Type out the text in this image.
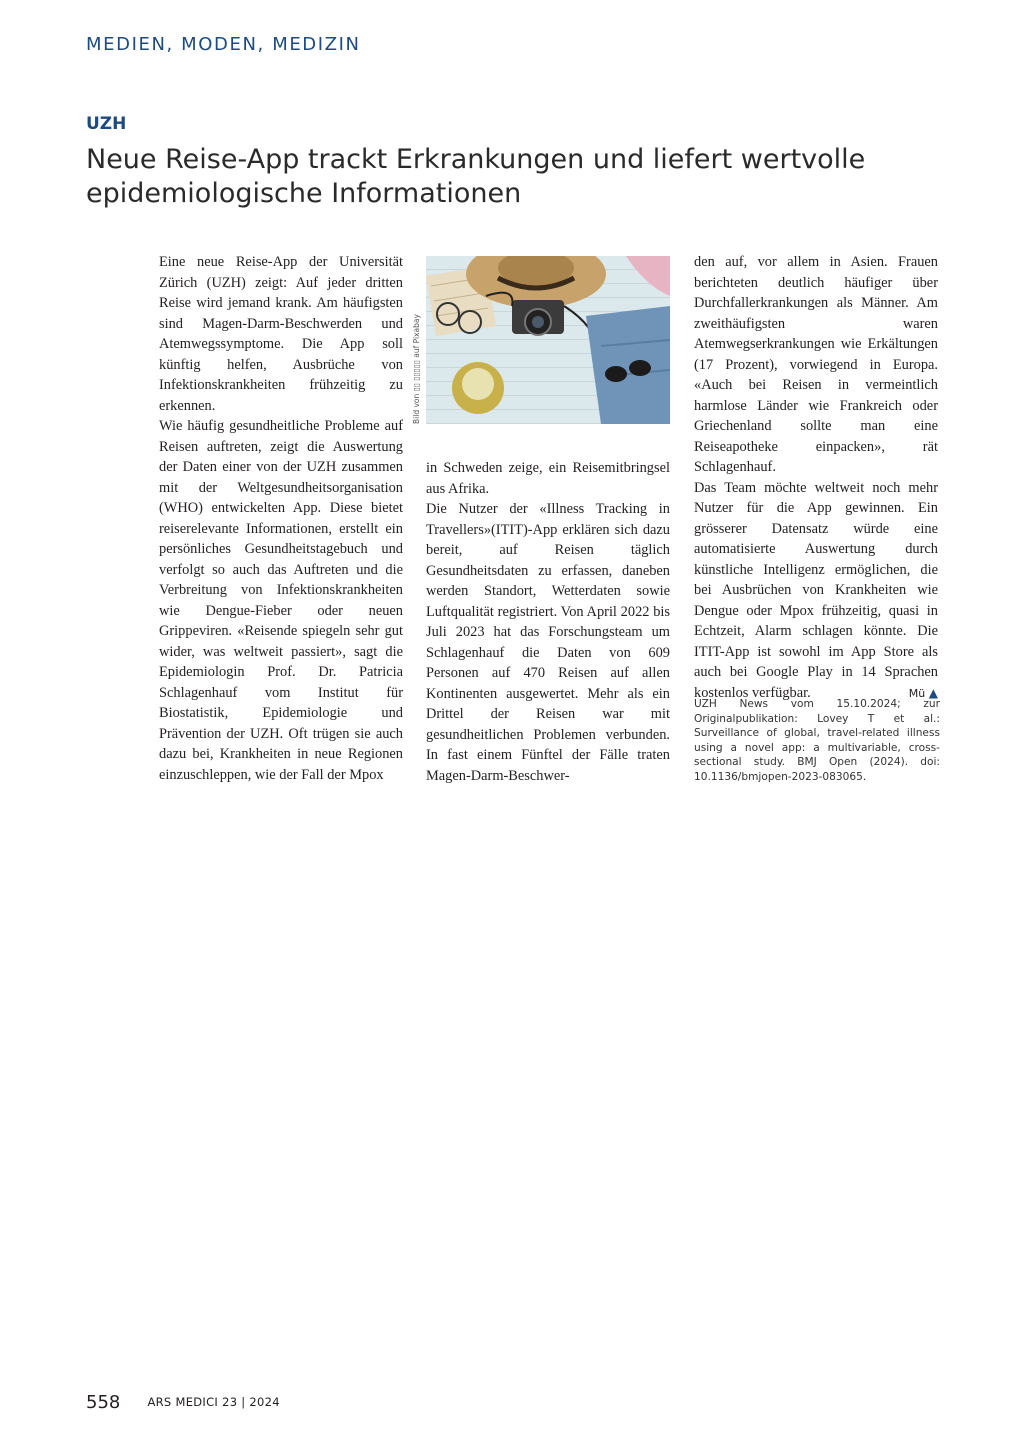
MEDIEN, MODEN, MEDIZIN
UZH
Neue Reise-App trackt Erkrankungen und liefert wertvolle epidemiologische Informationen

Eine neue Reise-App der Universität Zürich (UZH) zeigt: Auf jeder dritten Reise wird jemand krank. Am häufigsten sind Magen-Darm-Beschwerden und Atemwegssymptome. Die App soll künftig helfen, Ausbrüche von Infektionskrankheiten frühzeitig zu erkennen.

Wie häufig gesundheitliche Probleme auf Reisen auftreten, zeigt die Auswertung der Daten einer von der UZH zusammen mit der Weltgesundheitsorganisation (WHO) entwickelten App. Diese bietet reiserelevante Informationen, erstellt ein persönliches Gesundheitstagebuch und verfolgt so auch das Auftreten und die Verbreitung von Infektionskrankheiten wie Dengue-Fieber oder neuen Grippeviren. «Reisende spiegeln sehr gut wider, was weltweit passiert», sagt die Epidemiologin Prof. Dr. Patricia Schlagenhauf vom Institut für Biostatistik, Epidemiologie und Prävention der UZH. Oft trügen sie auch dazu bei, Krankheiten in neue Regionen einzuschleppen, wie der Fall der Mpox

Bild von ▯▯ ▯▯▯▯▯ auf Pixabay

in Schweden zeige, ein Reisemitbringsel aus Afrika.

Die Nutzer der «Illness Tracking in Travellers»(ITIT)-App erklären sich dazu bereit, auf Reisen täglich Gesundheitsdaten zu erfassen, daneben werden Standort, Wetterdaten sowie Luftqualität registriert. Von April 2022 bis Juli 2023 hat das Forschungsteam um Schlagenhauf die Daten von 609 Personen auf 470 Reisen auf allen Kontinenten ausgewertet. Mehr als ein Drittel der Reisen war mit gesundheitlichen Problemen verbunden. In fast einem Fünftel der Fälle traten Magen-Darm-Beschwer-

den auf, vor allem in Asien. Frauen berichteten deutlich häufiger über Durchfallerkrankungen als Männer. Am zweithäufigsten waren Atemwegserkrankungen wie Erkältungen (17 Prozent), vorwiegend in Europa. «Auch bei Reisen in vermeintlich harmlose Länder wie Frankreich oder Griechenland sollte man eine Reiseapotheke einpacken», rät Schlagenhauf.

Das Team möchte weltweit noch mehr Nutzer für die App gewinnen. Ein grösserer Datensatz würde eine automatisierte Auswertung durch künstliche Intelligenz ermöglichen, die bei Ausbrüchen von Krankheiten wie Dengue oder Mpox frühzeitig, quasi in Echtzeit, Alarm schlagen könnte. Die ITIT-App ist sowohl im App Store als auch bei Google Play in 14 Sprachen kostenlos verfügbar.	Mü ▲
UZH News vom 15.10.2024; zur Originalpublikation: Lovey T et al.: Surveillance of global, travel-related illness using a novel app: a multivariable, cross-sectional study. BMJ Open (2024). doi: 10.1136/bmjopen-2023-083065.
558 ARS MEDICI 23 | 2024
